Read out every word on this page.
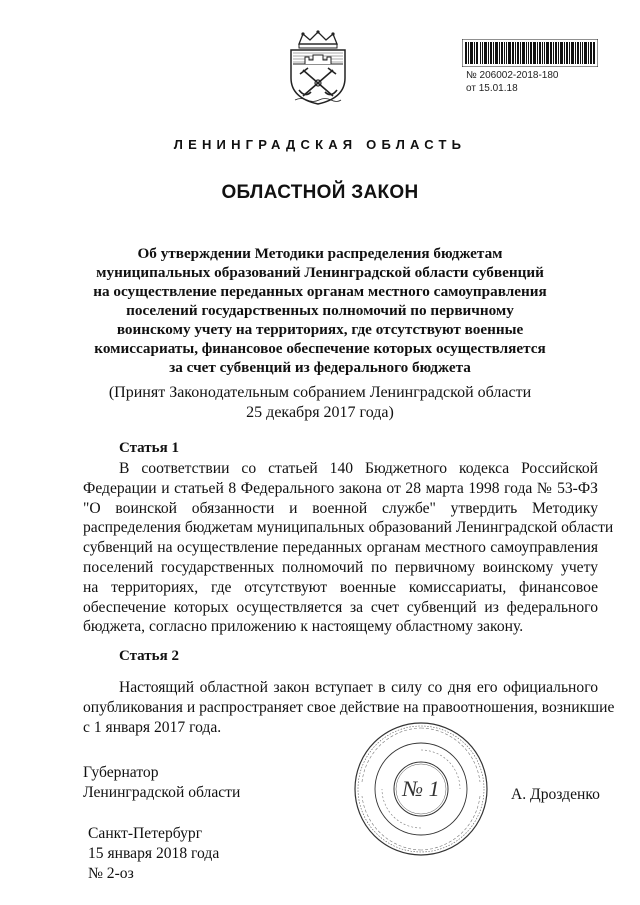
№ 206002-2018-180
от 15.01.18
ЛЕНИНГРАДСКАЯ ОБЛАСТЬ
ОБЛАСТНОЙ ЗАКОН
Об утверждении Методики распределения бюджетам
муниципальных образований Ленинградской области субвенций
на осуществление переданных органам местного самоуправления
поселений государственных полномочий по первичному
воинскому учету на территориях, где отсутствуют военные
комиссариаты, финансовое обеспечение которых осуществляется
за счет субвенций из федерального бюджета
(Принят Законодательным собранием Ленинградской области
25 декабря 2017 года)
Статья 1
В соответствии со статьей 140 Бюджетного кодекса Российской
Федерации и статьей 8 Федерального закона от 28 марта 1998 года № 53-ФЗ
"О воинской обязанности и военной службе" утвердить Методику
распределения бюджетам муниципальных образований Ленинградской области
субвенций на осуществление переданных органам местного самоуправления
поселений государственных полномочий по первичному воинскому учету
на территориях, где отсутствуют военные комиссариаты, финансовое
обеспечение которых осуществляется за счет субвенций из федерального
бюджета, согласно приложению к настоящему областному закону.
Статья 2
Настоящий областной закон вступает в силу со дня его официального
опубликования и распространяет свое действие на правоотношения, возникшие
с 1 января 2017 года.
Губернатор
Ленинградской области	№ 1	А. Дрозденко
Санкт-Петербург
15 января 2018 года
№ 2-оз
